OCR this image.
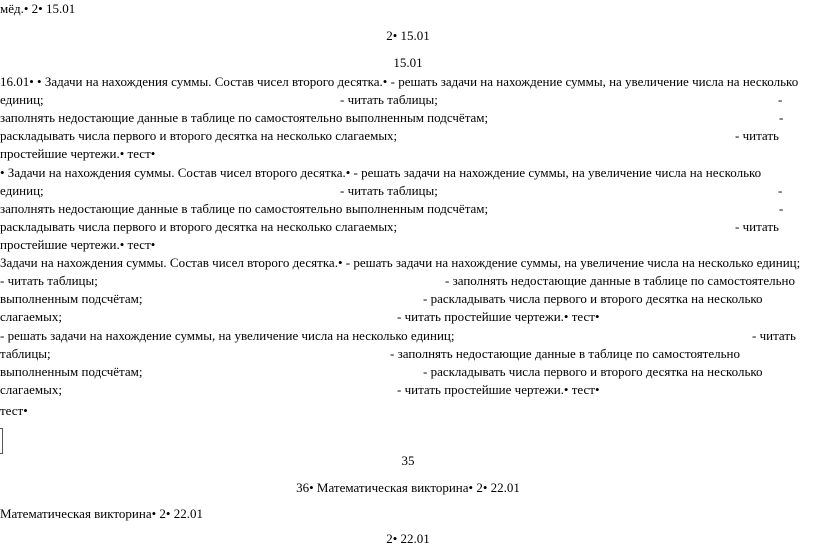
мёд.• 2• 15.01
2• 15.01
15.01
16.01• • Задачи на нахождения суммы. Состав чисел второго десятка.• - решать задачи на нахождение суммы, на увеличение числа на несколько
единиц;	- читать таблицы;	-
заполнять недостающие данные в таблице по самостоятельно выполненным подсчётам;	-
раскладывать числа первого и второго десятка на несколько слагаемых;	- читать
простейшие чертежи.• тест•
• Задачи на нахождения суммы. Состав чисел второго десятка.• - решать задачи на нахождение суммы, на увеличение числа на несколько
единиц;	- читать таблицы;	-
заполнять недостающие данные в таблице по самостоятельно выполненным подсчётам;	-
раскладывать числа первого и второго десятка на несколько слагаемых;	- читать
простейшие чертежи.• тест•
Задачи на нахождения суммы. Состав чисел второго десятка.• - решать задачи на нахождение суммы, на увеличение числа на несколько единиц;
- читать таблицы;	- заполнять недостающие данные в таблице по самостоятельно
выполненным подсчётам;	- раскладывать числа первого и второго десятка на несколько
слагаемых;	- читать простейшие чертежи.• тест•
- решать задачи на нахождение суммы, на увеличение числа на несколько единиц;	- читать
таблицы;	- заполнять недостающие данные в таблице по самостоятельно
выполненным подсчётам;	- раскладывать числа первого и второго десятка на несколько
слагаемых;	- читать простейшие чертежи.• тест•
тест•
35
36• Математическая викторина• 2• 22.01
Математическая викторина• 2• 22.01
2• 22.01
